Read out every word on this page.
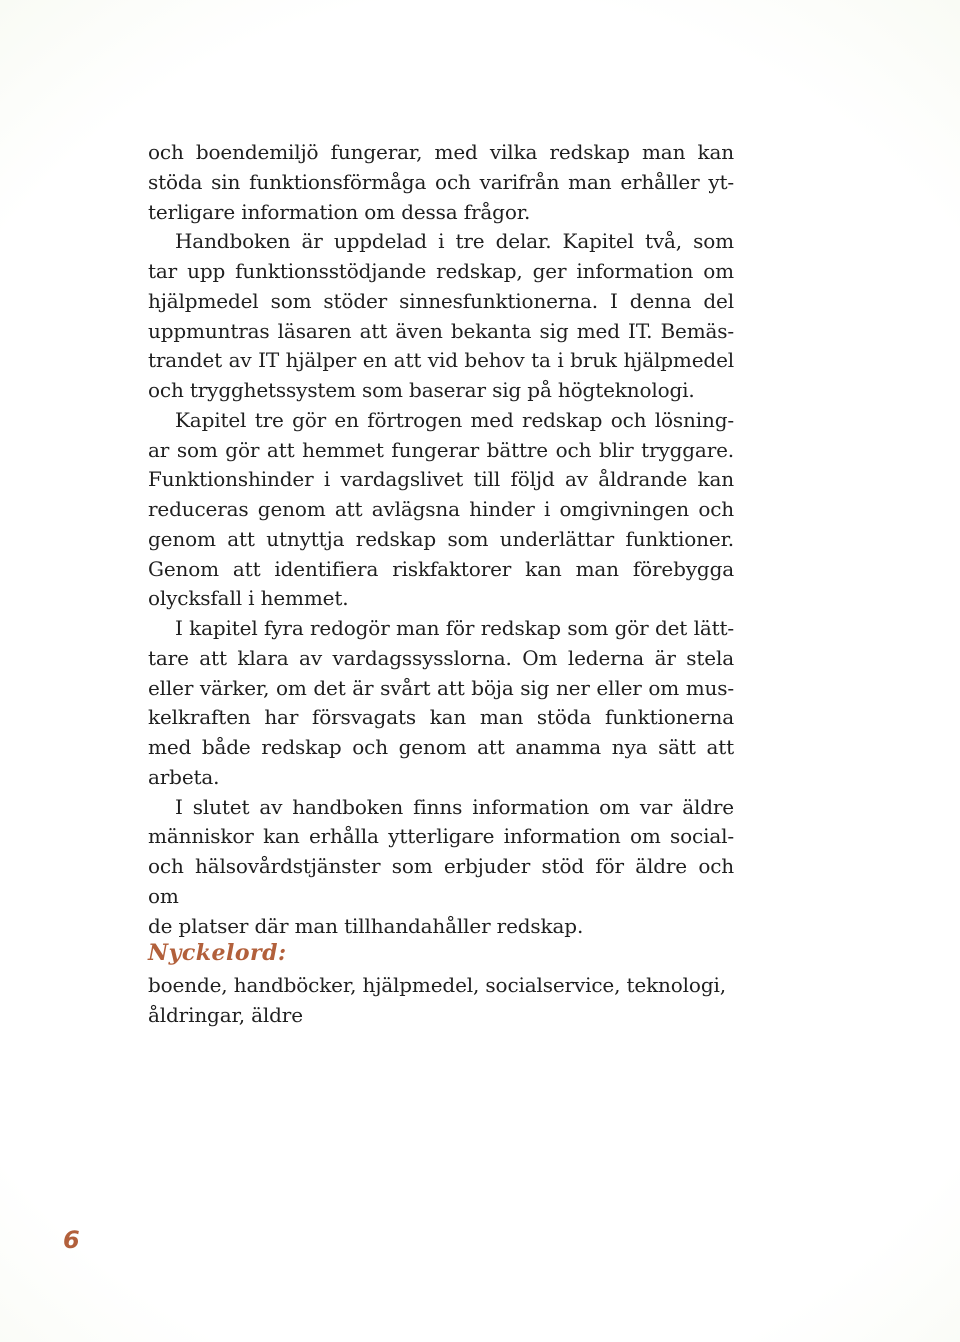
och boendemiljö fungerar, med vilka redskap man kan
stöda sin funktionsförmåga och varifrån man erhåller yt-
terligare information om dessa frågor.
Handboken är uppdelad i tre delar. Kapitel två, som
tar upp funktionsstödjande redskap, ger information om
hjälpmedel som stöder sinnesfunktionerna. I denna del
uppmuntras läsaren att även bekanta sig med IT. Bemäs-
trandet av IT hjälper en att vid behov ta i bruk hjälpmedel
och trygghetssystem som baserar sig på högteknologi.
Kapitel tre gör en förtrogen med redskap och lösning-
ar som gör att hemmet fungerar bättre och blir tryggare.
Funktionshinder i vardagslivet till följd av åldrande kan
reduceras genom att avlägsna hinder i omgivningen och
genom att utnyttja redskap som underlättar funktioner.
Genom att identifiera riskfaktorer kan man förebygga
olycksfall i hemmet.
I kapitel fyra redogör man för redskap som gör det lätt-
tare att klara av vardagssysslorna. Om lederna är stela
eller värker, om det är svårt att böja sig ner eller om mus-
kelkraften har försvagats kan man stöda funktionerna
med både redskap och genom att anamma nya sätt att
arbeta.
I slutet av handboken finns information om var äldre
människor kan erhålla ytterligare information om social-
och hälsovårdstjänster som erbjuder stöd för äldre och om
de platser där man tillhandahåller redskap.
Nyckelord:
boende, handböcker, hjälpmedel, socialservice, teknologi,
åldringar, äldre
6
